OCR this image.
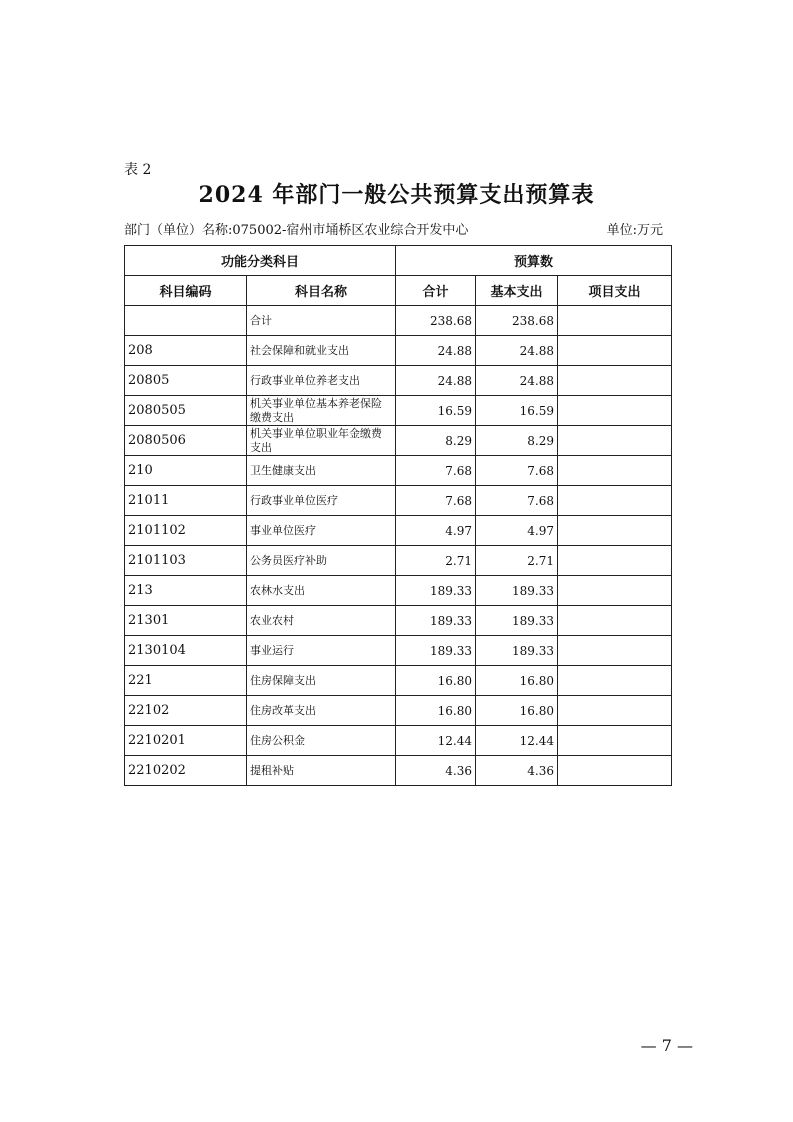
表 2
2024 年部门一般公共预算支出预算表
部门（单位）名称:075002-宿州市埇桥区农业综合开发中心	单位:万元
功能分类科目		预算数		
科目编码	科目名称	合计	基本支出	项目支出
	合计	238.68	238.68	
208	社会保障和就业支出	24.88	24.88	
20805	行政事业单位养老支出	24.88	24.88	
2080505	机关事业单位基本养老保险缴费支出	16.59	16.59	
2080506	机关事业单位职业年金缴费支出	8.29	8.29	
210	卫生健康支出	7.68	7.68	
21011	行政事业单位医疗	7.68	7.68	
2101102	事业单位医疗	4.97	4.97	
2101103	公务员医疗补助	2.71	2.71	
213	农林水支出	189.33	189.33	
21301	农业农村	189.33	189.33	
2130104	事业运行	189.33	189.33	
221	住房保障支出	16.80	16.80	
22102	住房改革支出	16.80	16.80	
2210201	住房公积金	12.44	12.44	
2210202	提租补贴	4.36	4.36	
— 7 —
